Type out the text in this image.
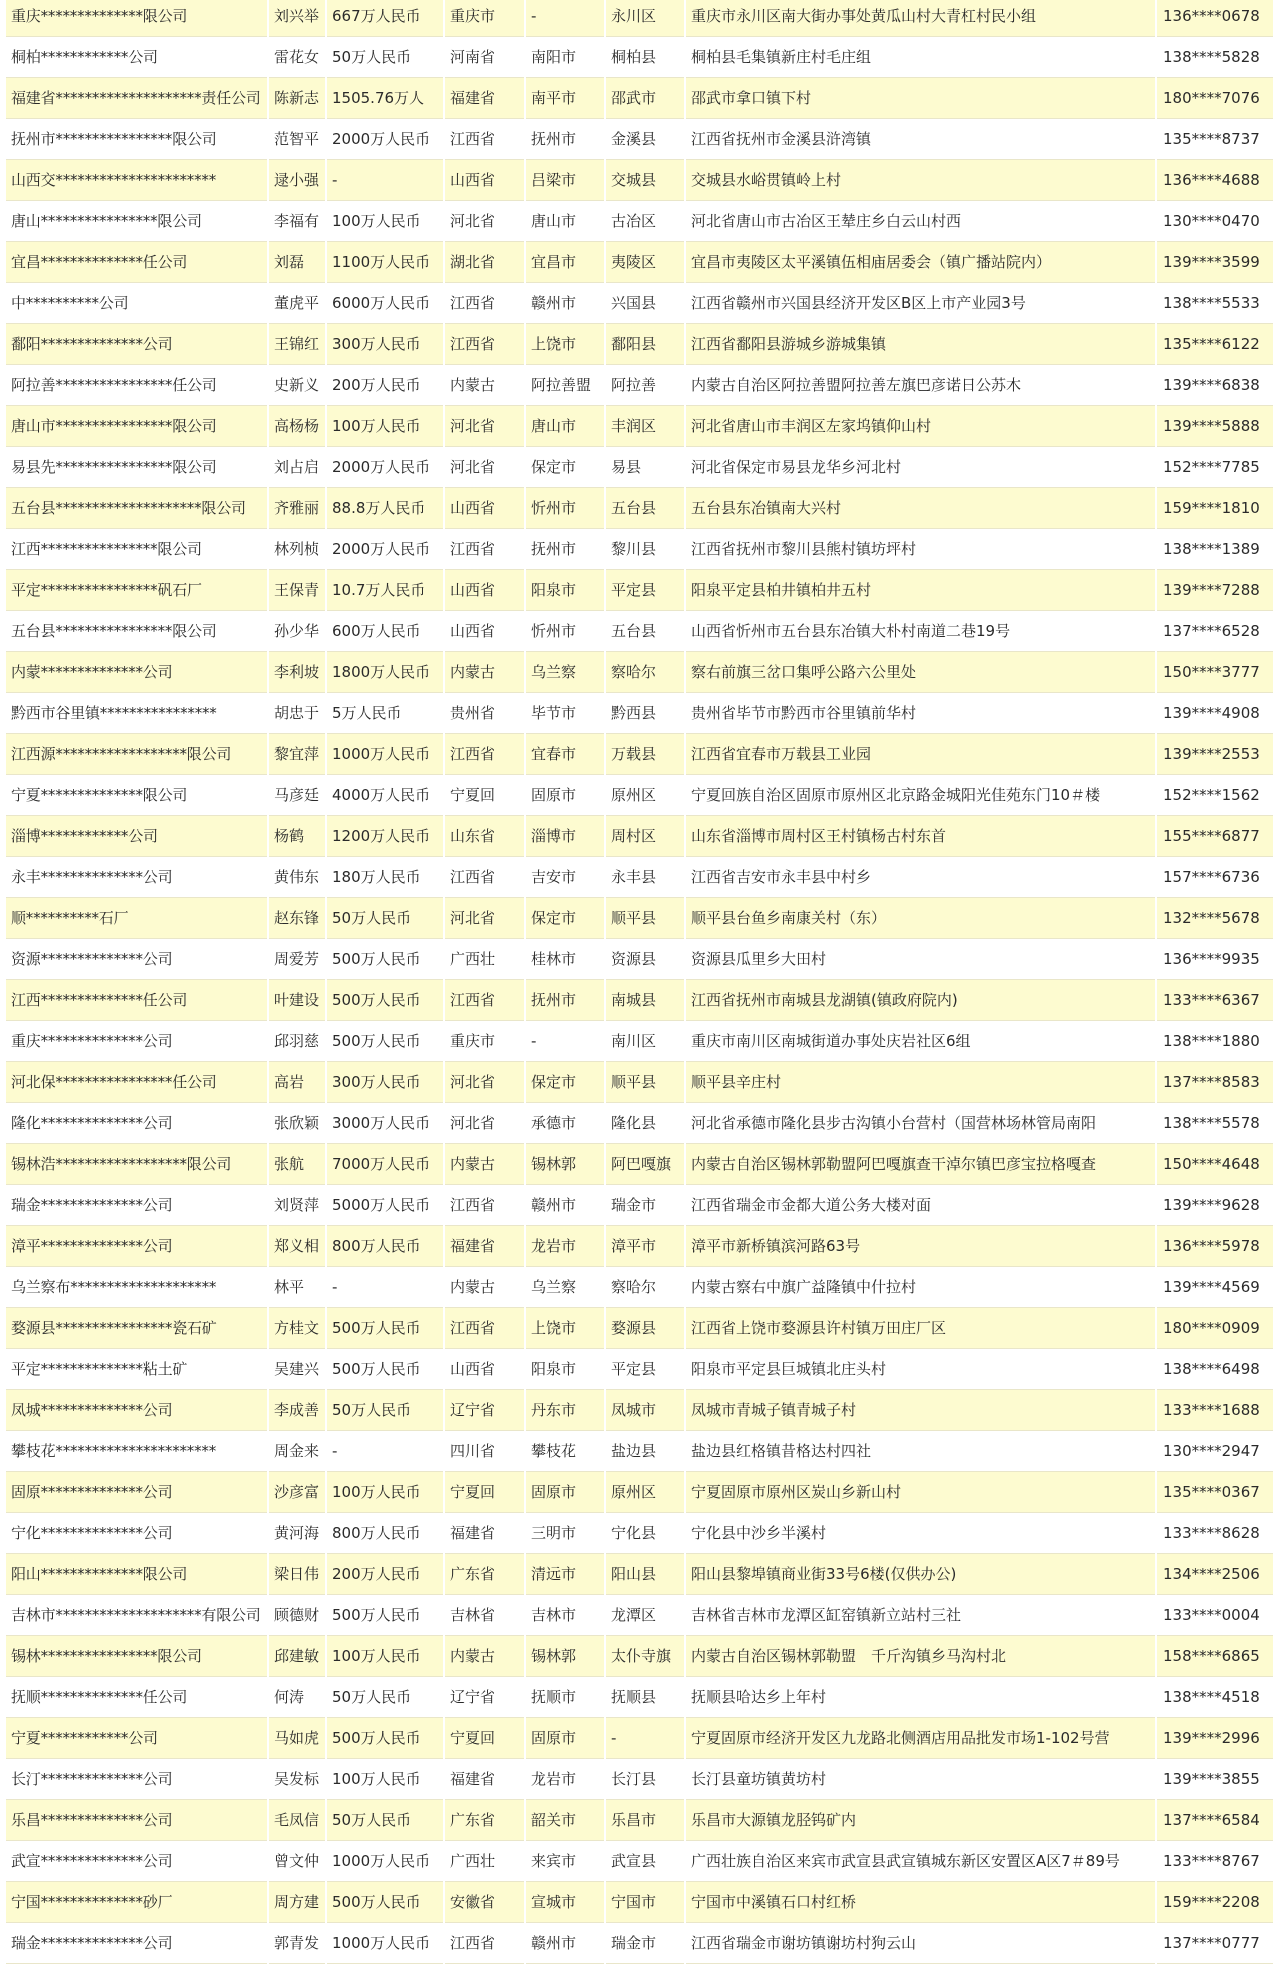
重庆**************限公司	刘兴举	667万人民币	重庆市	-	永川区	重庆市永川区南大街办事处黄瓜山村大青杠村民小组	136****0678
桐柏************公司	雷花女	50万人民币	河南省	南阳市	桐柏县	桐柏县毛集镇新庄村毛庄组	138****5828
福建省********************责任公司	陈新志	1505.76万人	福建省	南平市	邵武市	邵武市拿口镇下村	180****7076
抚州市****************限公司	范智平	2000万人民币	江西省	抚州市	金溪县	江西省抚州市金溪县浒湾镇	135****8737
山西交**********************	逯小强	-	山西省	吕梁市	交城县	交城县水峪贯镇岭上村	136****4688
唐山****************限公司	李福有	100万人民币	河北省	唐山市	古冶区	河北省唐山市古冶区王辇庄乡白云山村西	130****0470
宜昌**************任公司	刘磊	1100万人民币	湖北省	宜昌市	夷陵区	宜昌市夷陵区太平溪镇伍相庙居委会（镇广播站院内）	139****3599
中**********公司	董虎平	6000万人民币	江西省	赣州市	兴国县	江西省赣州市兴国县经济开发区B区上市产业园3号	138****5533
鄱阳**************公司	王锦红	300万人民币	江西省	上饶市	鄱阳县	江西省鄱阳县游城乡游城集镇	135****6122
阿拉善****************任公司	史新义	200万人民币	内蒙古	阿拉善盟	阿拉善	内蒙古自治区阿拉善盟阿拉善左旗巴彦诺日公苏木	139****6838
唐山市****************限公司	高杨杨	100万人民币	河北省	唐山市	丰润区	河北省唐山市丰润区左家坞镇仰山村	139****5888
易县先****************限公司	刘占启	2000万人民币	河北省	保定市	易县	河北省保定市易县龙华乡河北村	152****7785
五台县********************限公司	齐雅丽	88.8万人民币	山西省	忻州市	五台县	五台县东冶镇南大兴村	159****1810
江西****************限公司	林列桢	2000万人民币	江西省	抚州市	黎川县	江西省抚州市黎川县熊村镇坊坪村	138****1389
平定****************矾石厂	王保青	10.7万人民币	山西省	阳泉市	平定县	阳泉平定县柏井镇柏井五村	139****7288
五台县****************限公司	孙少华	600万人民币	山西省	忻州市	五台县	山西省忻州市五台县东冶镇大朴村南道二巷19号	137****6528
内蒙**************公司	李利坡	1800万人民币	内蒙古	乌兰察	察哈尔	察右前旗三岔口集呼公路六公里处	150****3777
黔西市谷里镇****************	胡忠于	5万人民币	贵州省	毕节市	黔西县	贵州省毕节市黔西市谷里镇前华村	139****4908
江西源******************限公司	黎宜萍	1000万人民币	江西省	宜春市	万载县	江西省宜春市万载县工业园	139****2553
宁夏**************限公司	马彦廷	4000万人民币	宁夏回	固原市	原州区	宁夏回族自治区固原市原州区北京路金城阳光佳苑东门10＃楼	152****1562
淄博************公司	杨鹤	1200万人民币	山东省	淄博市	周村区	山东省淄博市周村区王村镇杨古村东首	155****6877
永丰**************公司	黄伟东	180万人民币	江西省	吉安市	永丰县	江西省吉安市永丰县中村乡	157****6736
顺**********石厂	赵东锋	50万人民币	河北省	保定市	顺平县	顺平县台鱼乡南康关村（东）	132****5678
资源**************公司	周爱芳	500万人民币	广西壮	桂林市	资源县	资源县瓜里乡大田村	136****9935
江西**************任公司	叶建设	500万人民币	江西省	抚州市	南城县	江西省抚州市南城县龙湖镇(镇政府院内)	133****6367
重庆**************公司	邱羽慈	500万人民币	重庆市	-	南川区	重庆市南川区南城街道办事处庆岩社区6组	138****1880
河北保****************任公司	高岩	300万人民币	河北省	保定市	顺平县	顺平县辛庄村	137****8583
隆化**************公司	张欣颖	3000万人民币	河北省	承德市	隆化县	河北省承德市隆化县步古沟镇小台营村（国营林场林管局南阳	138****5578
锡林浩******************限公司	张航	7000万人民币	内蒙古	锡林郭	阿巴嘎旗	内蒙古自治区锡林郭勒盟阿巴嘎旗查干淖尔镇巴彦宝拉格嘎查	150****4648
瑞金**************公司	刘贤萍	5000万人民币	江西省	赣州市	瑞金市	江西省瑞金市金都大道公务大楼对面	139****9628
漳平**************公司	郑义相	800万人民币	福建省	龙岩市	漳平市	漳平市新桥镇滨河路63号	136****5978
乌兰察布********************	林平	-	内蒙古	乌兰察	察哈尔	内蒙古察右中旗广益隆镇中什拉村	139****4569
婺源县****************瓷石矿	方桂文	500万人民币	江西省	上饶市	婺源县	江西省上饶市婺源县许村镇万田庄厂区	180****0909
平定**************粘土矿	吴建兴	500万人民币	山西省	阳泉市	平定县	阳泉市平定县巨城镇北庄头村	138****6498
凤城**************公司	李成善	50万人民币	辽宁省	丹东市	凤城市	凤城市青城子镇青城子村	133****1688
攀枝花**********************	周金来	-	四川省	攀枝花	盐边县	盐边县红格镇昔格达村四社	130****2947
固原**************公司	沙彦富	100万人民币	宁夏回	固原市	原州区	宁夏固原市原州区炭山乡新山村	135****0367
宁化**************公司	黄河海	800万人民币	福建省	三明市	宁化县	宁化县中沙乡半溪村	133****8628
阳山**************限公司	梁日伟	200万人民币	广东省	清远市	阳山县	阳山县黎埠镇商业街33号6楼(仅供办公)	134****2506
吉林市********************有限公司	顾德财	500万人民币	吉林省	吉林市	龙潭区	吉林省吉林市龙潭区缸窑镇新立站村三社	133****0004
锡林****************限公司	邱建敏	100万人民币	内蒙古	锡林郭	太仆寺旗	内蒙古自治区锡林郭勒盟　千斤沟镇乡马沟村北	158****6865
抚顺**************任公司	何涛	50万人民币	辽宁省	抚顺市	抚顺县	抚顺县哈达乡上年村	138****4518
宁夏************公司	马如虎	500万人民币	宁夏回	固原市	-	宁夏固原市经济开发区九龙路北侧酒店用品批发市场1-102号营	139****2996
长汀**************公司	吴发标	100万人民币	福建省	龙岩市	长汀县	长汀县童坊镇黄坊村	139****3855
乐昌**************公司	毛凤信	50万人民币	广东省	韶关市	乐昌市	乐昌市大源镇龙胫钨矿内	137****6584
武宣**************公司	曾文仲	1000万人民币	广西壮	来宾市	武宣县	广西壮族自治区来宾市武宣县武宣镇城东新区安置区A区7＃89号	133****8767
宁国**************砂厂	周方建	500万人民币	安徽省	宣城市	宁国市	宁国市中溪镇石口村红桥	159****2208
瑞金**************公司	郭青发	1000万人民币	江西省	赣州市	瑞金市	江西省瑞金市谢坊镇谢坊村狗云山	137****0777
